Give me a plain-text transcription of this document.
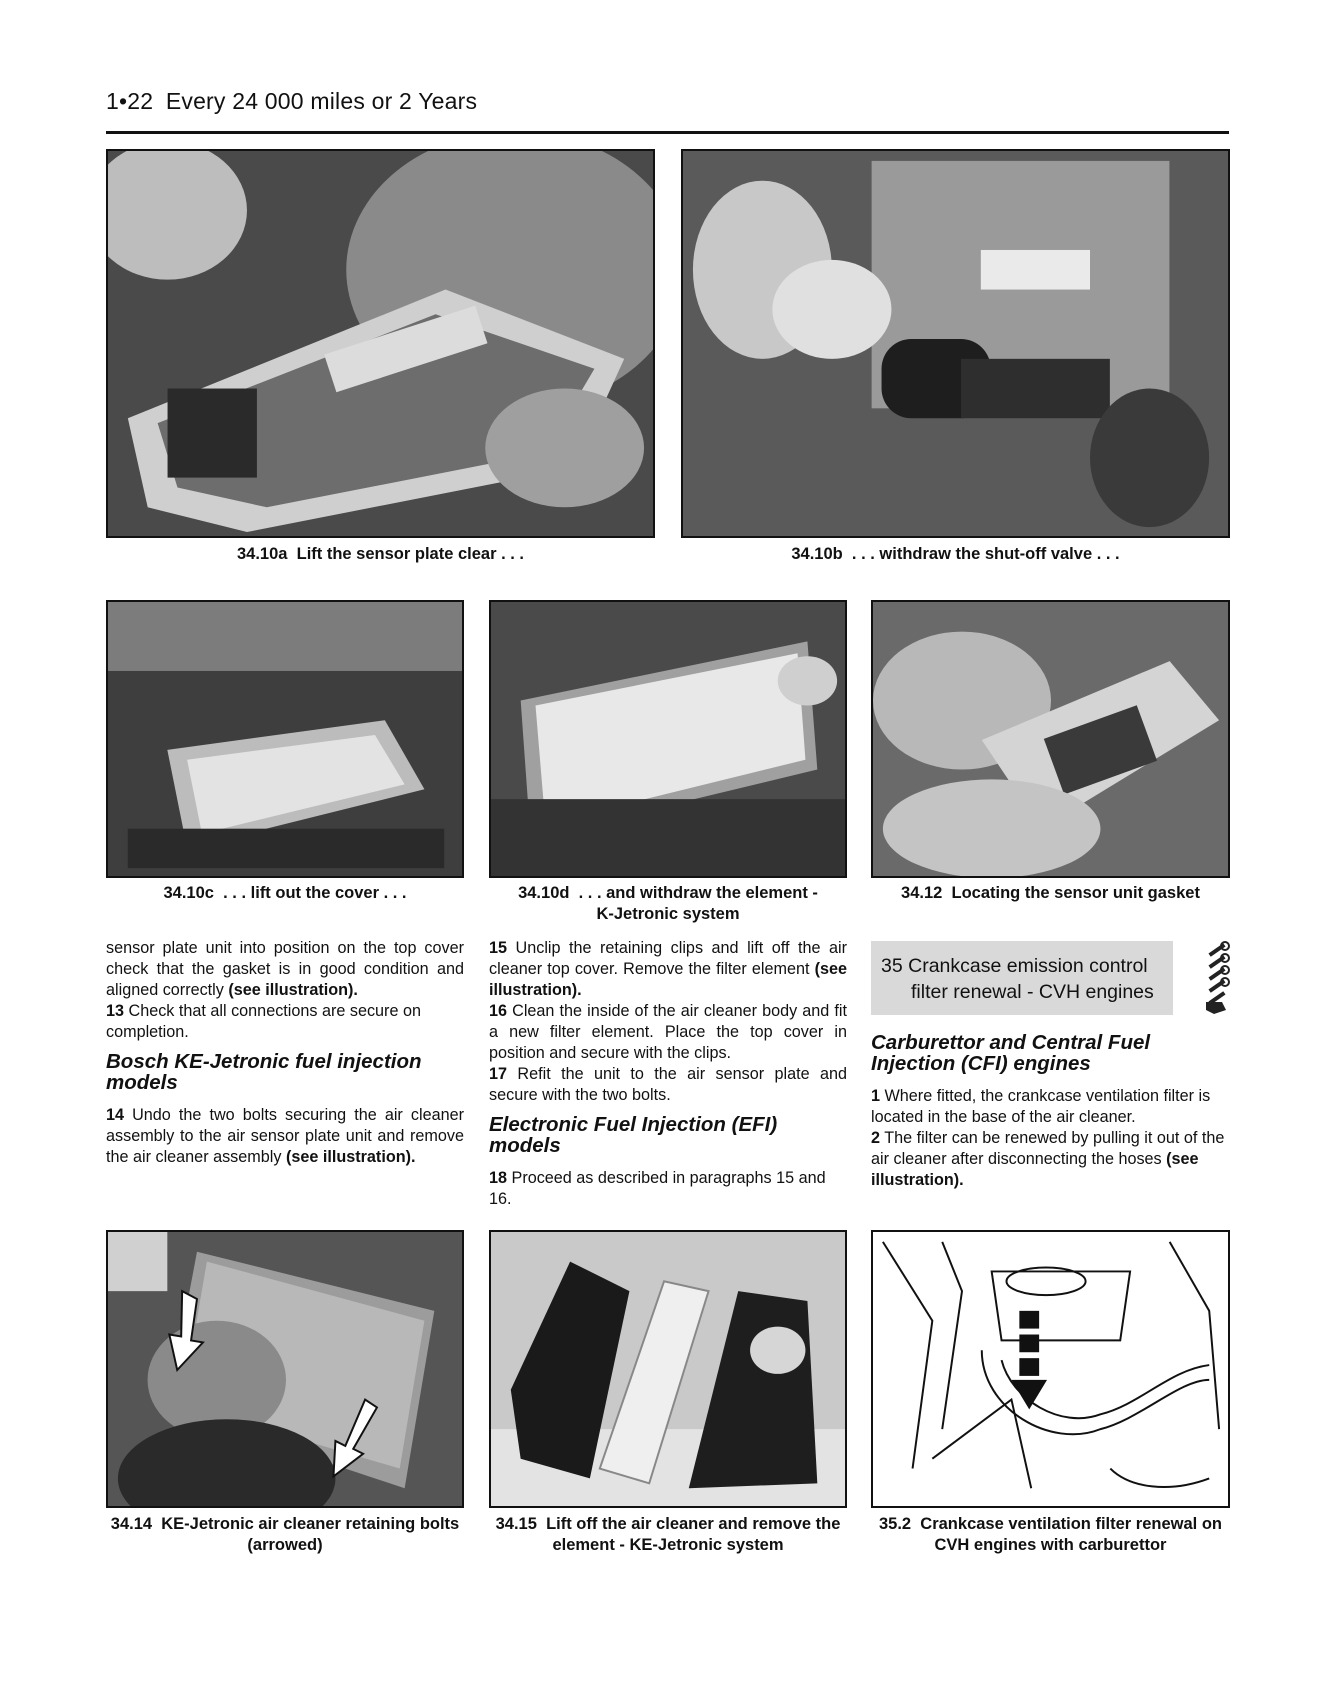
1•22 Every 24 000 miles or 2 Years
34.10a Lift the sensor plate clear . . .	34.10b . . . withdraw the shut-off valve . . .
34.10c . . . lift out the cover . . .	34.10d . . . and withdraw the element - K-Jetronic system
34.12 Locating the sensor unit gasket

sensor plate unit into position on the top cover check that the gasket is in good condition and aligned correctly (see illustration).

13 Check that all connections are secure on completion.

Bosch KE-Jetronic fuel injection models

14 Undo the two bolts securing the air cleaner assembly to the air sensor plate unit and remove the air cleaner assembly (see illustration).

15 Unclip the retaining clips and lift off the air cleaner top cover. Remove the filter element (see illustration).

16 Clean the inside of the air cleaner body and fit a new filter element. Place the top cover in position and secure with the clips.

17 Refit the unit to the air sensor plate and secure with the two bolts.

Electronic Fuel Injection (EFI) models

18 Proceed as described in paragraphs 15 and 16.

35 Crankcase emission control
filter renewal - CVH engines
Carburettor and Central Fuel Injection (CFI) engines

1 Where fitted, the crankcase ventilation filter is located in the base of the air cleaner.

2 The filter can be renewed by pulling it out of the air cleaner after disconnecting the hoses (see illustration).

34.14 KE-Jetronic air cleaner retaining bolts (arrowed)
34.15 Lift off the air cleaner and remove the element - KE-Jetronic system
35.2 Crankcase ventilation filter renewal on CVH engines with carburettor
